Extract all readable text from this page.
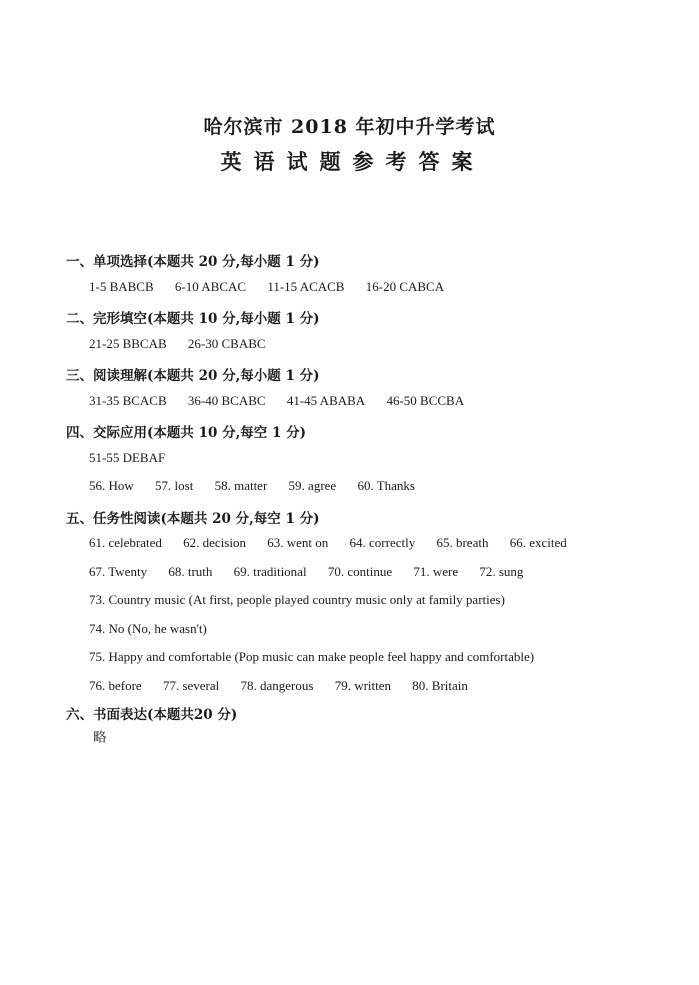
哈尔滨市 2018 年初中升学考试
英语试题参考答案
一、单项选择(本题共 20 分,每小题 1 分)
1-5 BABCB 6-10 ABCAC 11-15 ACACB 16-20 CABCA
二、完形填空(本题共 10 分,每小题 1 分)
21-25 BBCAB 26-30 CBABC
三、阅读理解(本题共 20 分,每小题 1 分)
31-35 BCACB 36-40 BCABC 41-45 ABABA 46-50 BCCBA
四、交际应用(本题共 10 分,每空 1 分)
51-55 DEBAF
56. How 57. lost 58. matter 59. agree 60. Thanks
五、任务性阅读(本题共 20 分,每空 1 分)
61. celebrated 62. decision 63. went on 64. correctly 65. breath 66. excited
67. Twenty 68. truth 69. traditional 70. continue 71. were 72. sung
73. Country music (At first, people played country music only at family parties)
74. No (No, he wasn't)
75. Happy and comfortable (Pop music can make people feel happy and comfortable)
76. before 77. several 78. dangerous 79. written 80. Britain
六、书面表达(本题共20 分)
略
